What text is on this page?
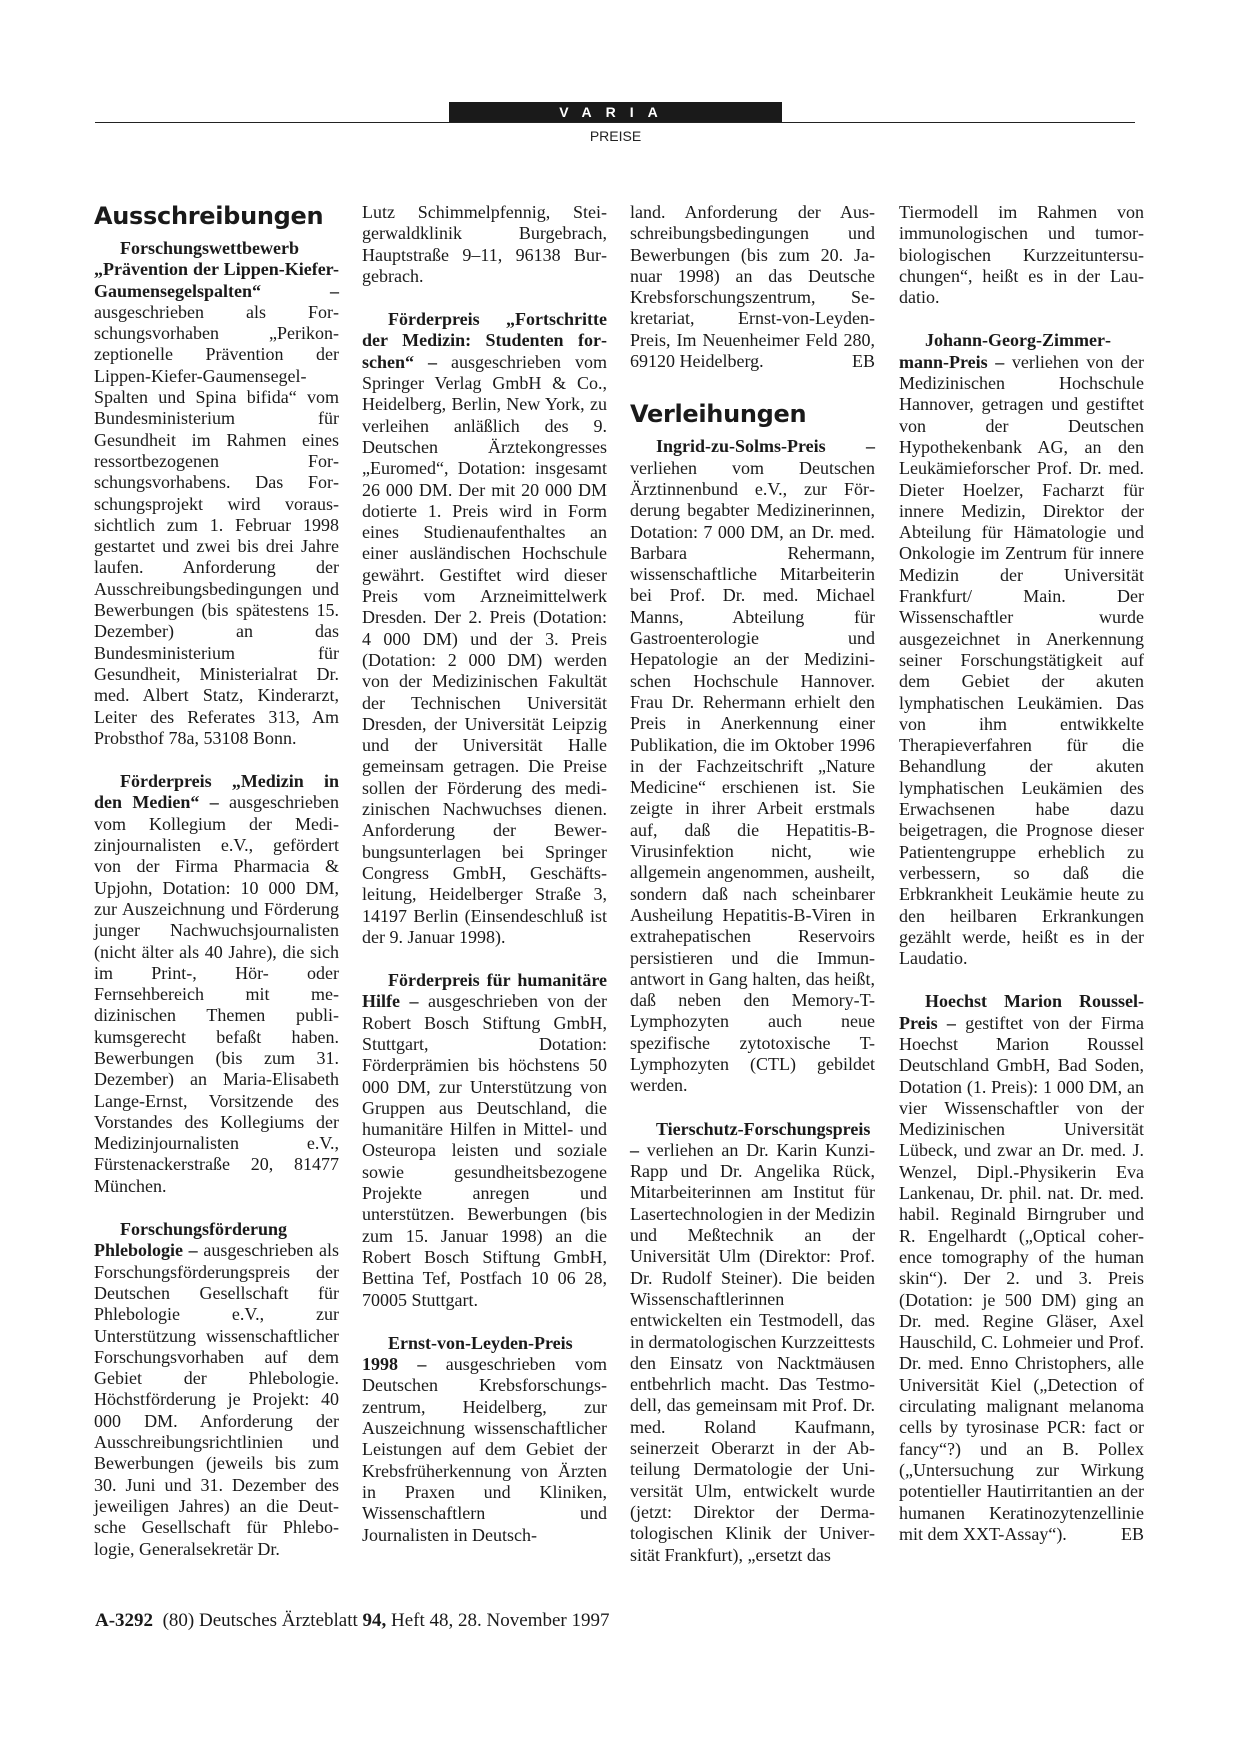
VARIA
PREISE
Ausschreibungen

Forschungswettbewerb „Prävention der Lippen-Kiefer-Gaumensegelspalten“ – ausgeschrieben als Forschungsvorhaben „Perikonzeptionelle Prävention der Lippen-Kiefer-Gaumensegel-Spalten und Spina bifida“ vom Bundesministerium für Gesundheit im Rahmen eines ressortbezogenen Forschungsvorhabens. Das Forschungsprojekt wird voraussichtlich zum 1. Februar 1998 gestartet und zwei bis drei Jahre laufen. Anforderung der Ausschreibungsbedingungen und Bewerbungen (bis spätestens 15. Dezember) an das Bundesministerium für Gesundheit, Ministerialrat Dr. med. Albert Statz, Kinderarzt, Leiter des Referates 313, Am Probsthof 78a, 53108 Bonn.

Förderpreis „Medizin in den Medien“ – ausgeschrieben vom Kollegium der Medizinjournalisten e.V., gefördert von der Firma Pharmacia & Upjohn, Dotation: 10 000 DM, zur Auszeichnung und Förderung junger Nachwuchsjournalisten (nicht älter als 40 Jahre), die sich im Print-, Hör- oder Fernsehbereich mit medizinischen Themen publikumsgerecht befaßt haben. Bewerbungen (bis zum 31. Dezember) an Maria-Elisabeth Lange-Ernst, Vorsitzende des Vorstandes des Kollegiums der Medizinjournalisten e.V., Fürstenackerstraße 20, 81477 München.

Forschungsförderung Phlebologie – ausgeschrieben als Forschungsförderungspreis der Deutschen Gesellschaft für Phlebologie e.V., zur Unterstützung wissenschaftlicher Forschungsvorhaben auf dem Gebiet der Phlebologie. Höchstförderung je Projekt: 40 000 DM. Anforderung der Ausschreibungsrichtlinien und Bewerbungen (jeweils bis zum 30. Juni und 31. Dezember des jeweiligen Jahres) an die Deutsche Gesellschaft für Phlebologie, Generalsekretär Dr.

Lutz Schimmelpfennig, Steigerwaldklinik Burgebrach, Hauptstraße 9–11, 96138 Burgebrach.

Förderpreis „Fortschritte der Medizin: Studenten forschen“ – ausgeschrieben vom Springer Verlag GmbH & Co., Heidelberg, Berlin, New York, zu verleihen anläßlich des 9. Deutschen Ärztekongresses „Euromed“, Dotation: insgesamt 26 000 DM. Der mit 20 000 DM dotierte 1. Preis wird in Form eines Studienaufenthaltes an einer ausländischen Hochschule gewährt. Gestiftet wird dieser Preis vom Arzneimittelwerk Dresden. Der 2. Preis (Dotation: 4 000 DM) und der 3. Preis (Dotation: 2 000 DM) werden von der Medizinischen Fakultät der Technischen Universität Dresden, der Universität Leipzig und der Universität Halle gemeinsam getragen. Die Preise sollen der Förderung des medizinischen Nachwuchses dienen. Anforderung der Bewerbungsunterlagen bei Springer Congress GmbH, Geschäftsleitung, Heidelberger Straße 3, 14197 Berlin (Einsendeschluß ist der 9. Januar 1998).

Förderpreis für humanitäre Hilfe – ausgeschrieben von der Robert Bosch Stiftung GmbH, Stuttgart, Dotation: Förderprämien bis höchstens 50 000 DM, zur Unterstützung von Gruppen aus Deutschland, die humanitäre Hilfen in Mittel- und Osteuropa leisten und soziale sowie gesundheitsbezogene Projekte anregen und unterstützen. Bewerbungen (bis zum 15. Januar 1998) an die Robert Bosch Stiftung GmbH, Bettina Tef, Postfach 10 06 28, 70005 Stuttgart.

Ernst-von-Leyden-Preis 1998 – ausgeschrieben vom Deutschen Krebsforschungszentrum, Heidelberg, zur Auszeichnung wissenschaftlicher Leistungen auf dem Gebiet der Krebsfrüherkennung von Ärzten in Praxen und Kliniken, Wissenschaftlern und Journalisten in Deutsch-

land. Anforderung der Ausschreibungsbedingungen und Bewerbungen (bis zum 20. Januar 1998) an das Deutsche Krebsforschungszentrum, Sekretariat, Ernst-von-Leyden-Preis, Im Neuenheimer Feld 280, 69120 Heidelberg.	EB

Verleihungen

Ingrid-zu-Solms-Preis – verliehen vom Deutschen Ärztinnenbund e.V., zur Förderung begabter Medizinerinnen, Dotation: 7 000 DM, an Dr. med. Barbara Rehermann, wissenschaftliche Mitarbeiterin bei Prof. Dr. med. Michael Manns, Abteilung für Gastroenterologie und Hepatologie an der Medizinischen Hochschule Hannover. Frau Dr. Rehermann erhielt den Preis in Anerkennung einer Publikation, die im Oktober 1996 in der Fachzeitschrift „Nature Medicine“ erschienen ist. Sie zeigte in ihrer Arbeit erstmals auf, daß die Hepatitis-B-Virusinfektion nicht, wie allgemein angenommen, ausheilt, sondern daß nach scheinbarer Ausheilung Hepatitis-B-Viren in extrahepatischen Reservoirs persistieren und die Immunantwort in Gang halten, das heißt, daß neben den Memory-T-Lymphozyten auch neue spezifische zytotoxische T-Lymphozyten (CTL) gebildet werden.

Tierschutz-Forschungspreis – verliehen an Dr. Karin Kunzi-Rapp und Dr. Angelika Rück, Mitarbeiterinnen am Institut für Lasertechnologien in der Medizin und Meßtechnik an der Universität Ulm (Direktor: Prof. Dr. Rudolf Steiner). Die beiden Wissenschaftlerinnen entwickelten ein Testmodell, das in dermatologischen Kurzzeittests den Einsatz von Nacktmäusen entbehrlich macht. Das Testmodell, das gemeinsam mit Prof. Dr. med. Roland Kaufmann, seinerzeit Oberarzt in der Abteilung Dermatologie der Universität Ulm, entwickelt wurde (jetzt: Direktor der Dermatologischen Klinik der Universität Frankfurt), „ersetzt das

Tiermodell im Rahmen von immunologischen und tumorbiologischen Kurzzeituntersuchungen“, heißt es in der Laudatio.

Johann-Georg-Zimmermann-Preis – verliehen von der Medizinischen Hochschule Hannover, getragen und gestiftet von der Deutschen Hypothekenbank AG, an den Leukämieforscher Prof. Dr. med. Dieter Hoelzer, Facharzt für innere Medizin, Direktor der Abteilung für Hämatologie und Onkologie im Zentrum für innere Medizin der Universität Frankfurt/ Main. Der Wissenschaftler wurde ausgezeichnet in Anerkennung seiner Forschungstätigkeit auf dem Gebiet der akuten lymphatischen Leukämien. Das von ihm entwikkelte Therapieverfahren für die Behandlung der akuten lymphatischen Leukämien des Erwachsenen habe dazu beigetragen, die Prognose dieser Patientengruppe erheblich zu verbessern, so daß die Erbkrankheit Leukämie heute zu den heilbaren Erkrankungen gezählt werde, heißt es in der Laudatio.

Hoechst Marion Roussel-Preis – gestiftet von der Firma Hoechst Marion Roussel Deutschland GmbH, Bad Soden, Dotation (1. Preis): 1 000 DM, an vier Wissenschaftler von der Medizinischen Universität Lübeck, und zwar an Dr. med. J. Wenzel, Dipl.-Physikerin Eva Lankenau, Dr. phil. nat. Dr. med. habil. Reginald Birngruber und R. Engelhardt („Optical coherence tomography of the human skin“). Der 2. und 3. Preis (Dotation: je 500 DM) ging an Dr. med. Regine Gläser, Axel Hauschild, C. Lohmeier und Prof. Dr. med. Enno Christophers, alle Universität Kiel („Detection of circulating malignant melanoma cells by tyrosinase PCR: fact or fancy“?) und an B. Pollex („Untersuchung zur Wirkung potentieller Hautirritantien an der humanen Keratinozytenzellinie mit dem XXT-Assay“).	EB

A-3292  (80) Deutsches Ärzteblatt 94, Heft 48, 28. November 1997
